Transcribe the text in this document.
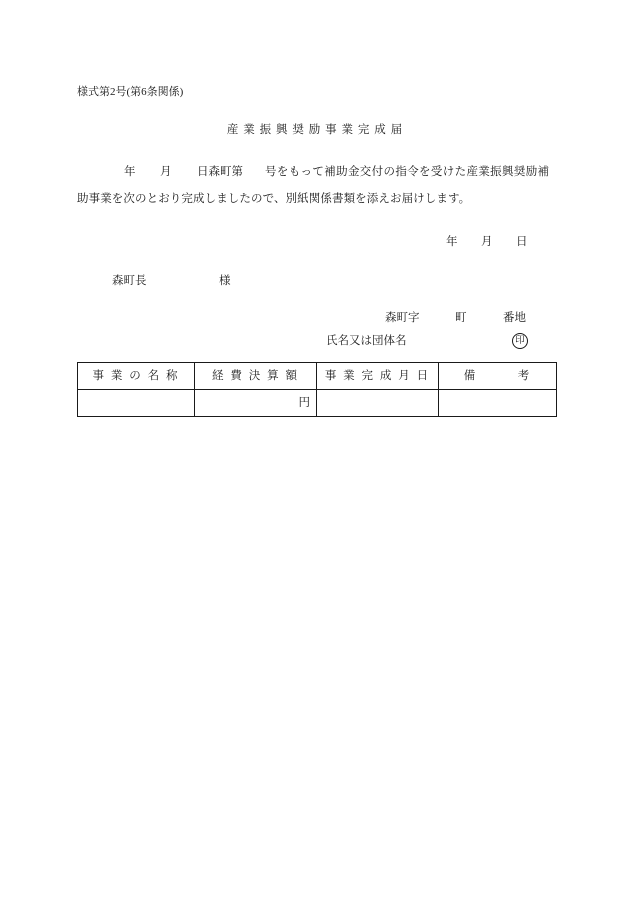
様式第2号(第6条関係)
産 業 振 興 奨 励 事 業 完 成 届
年 月 日森町第 号をもって補助金交付の指令を受けた産業振興奨励補
助事業を次のとおり完成しましたので、別紙関係書類を添えお届けします。
年 月 日
森町長	様
森町字	町	番地
氏名又は団体名	印
事 業 の 名 称	経 費 決 算 額	事 業 完 成 月 日	備　　　考
	円		
